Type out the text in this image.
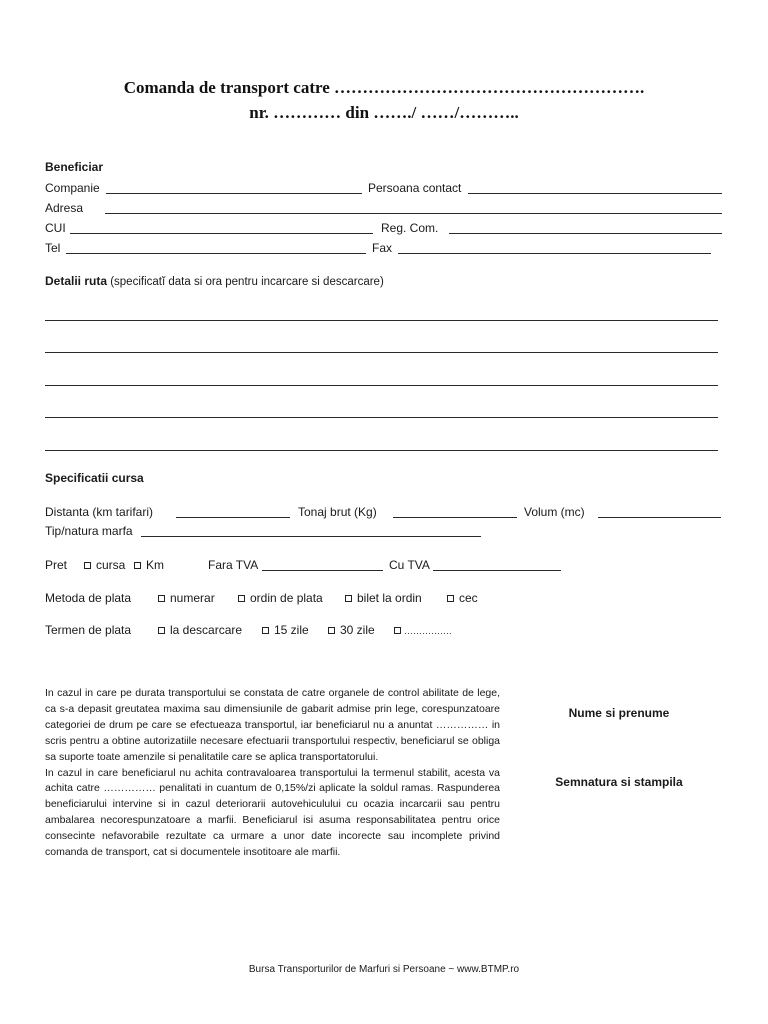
Comanda de transport catre ……………………………………………….
nr. ………… din ……./ ……/………..
Beneficiar
Companie	Persoana contact
Adresa
CUI	Reg. Com.
Tel	Fax
Detalii ruta (specificatĭ data si ora pentru incarcare si descarcare)
Specificatii cursa
Distanta (km tarifari)	Tonaj brut (Kg)	Volum (mc)
Tip/natura marfa
Pret cursa Km	Fara TVA	Cu TVA
Metoda de plata	numerar	ordin de plata	bilet la ordin	cec
Termen de plata	la descarcare	15 zile	30 zile	…………….

In cazul in care pe durata transportului se constata de catre organele de control abilitate de lege, ca s-a depasit greutatea maxima sau dimensiunile de gabarit admise prin lege, corespunzatoare categoriei de drum pe care se efectueaza transportul, iar beneficiarul nu a anuntat …………… in scris pentru a obtine autorizatiile necesare efectuarii transportului respectiv, beneficiarul se obliga sa suporte toate amenzile si penalitatile care se aplica transportatorului.

In cazul in care beneficiarul nu achita contravaloarea transportului la termenul stabilit, acesta va achita catre …………… penalitati in cuantum de 0,15%/zi aplicate la soldul ramas. Raspunderea beneficiarului intervine si in cazul deteriorarii autovehiculului cu ocazia incarcarii sau pentru ambalarea necorespunzatoare a marfii. Beneficiarul isi asuma responsabilitatea pentru orice consecinte nefavorabile rezultate ca urmare a unor date incorecte sau incomplete privind comanda de transport, cat si documentele insotitoare ale marfii.

Nume si prenume
Semnatura si stampila
Bursa Transporturilor de Marfuri si Persoane ~ www.BTMP.ro
